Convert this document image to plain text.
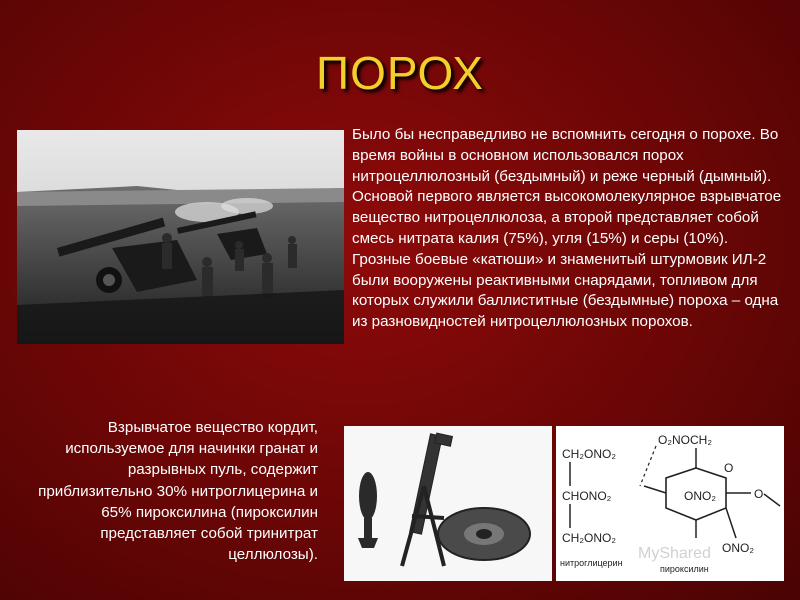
ПОРОХ

Было бы несправедливо не вспомнить сегодня о порохе. Во время войны в основном использовался порох нитроцеллюлозный (бездымный) и реже черный (дымный). Основой первого является высокомолекулярное взрывчатое вещество нитроцеллюлоза, а второй представляет собой смесь нитрата калия (75%), угля (15%) и серы (10%). Грозные боевые «катюши» и знаменитый штурмовик ИЛ-2 были вооружены реактивными снарядами, топливом для которых служили баллиститные (бездымные) пороха – одна из разновидностей нитроцеллюлозных порохов.

Взрывчатое вещество кордит, используемое для начинки гранат и разрывных пуль, содержит приблизительно 30% нитроглицерина и 65% пироксилина (пироксилин представляет собой тринитрат целлюлозы).

CH₂ONO₂
CHONO₂
CH₂ONO₂
нитроглицерин
O₂NOCH₂
ONO₂
O
O
ONO₂
пироксилин
MyShared
